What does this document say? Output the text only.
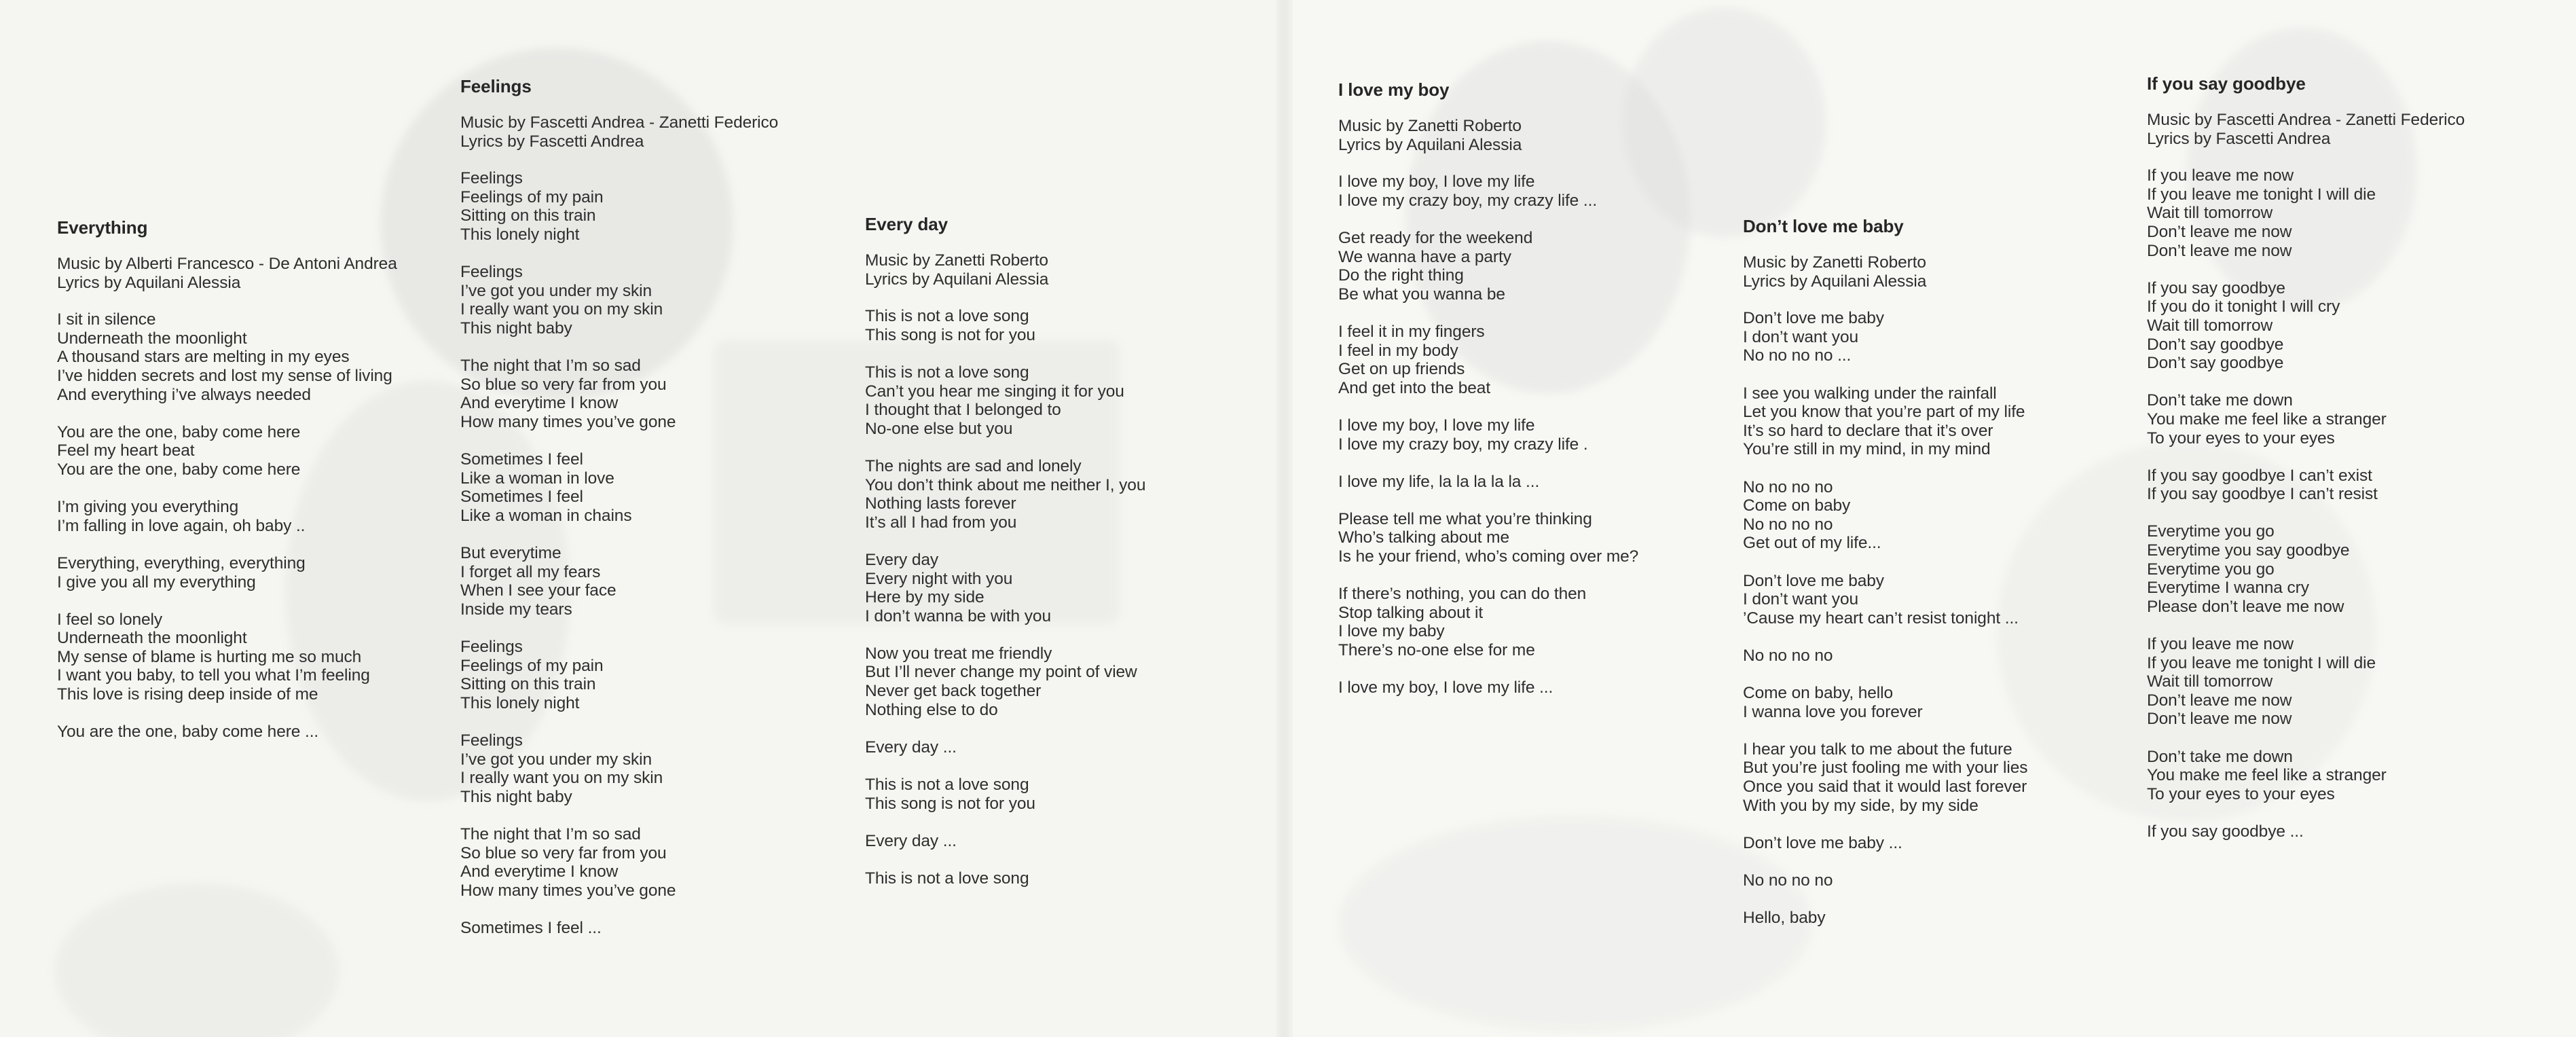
Everything
Music by Alberti Francesco - De Antoni Andrea
Lyrics by Aquilani Alessia
I sit in silence
Underneath the moonlight
A thousand stars are melting in my eyes
I’ve hidden secrets and lost my sense of living
And everything i’ve always needed
You are the one, baby come here
Feel my heart beat
You are the one, baby come here
I’m giving you everything
I’m falling in love again, oh baby ..
Everything, everything, everything
I give you all my everything
I feel so lonely
Underneath the moonlight
My sense of blame is hurting me so much
I want you baby, to tell you what I’m feeling
This love is rising deep inside of me
You are the one, baby come here ...
Feelings
Music by Fascetti Andrea - Zanetti Federico
Lyrics by Fascetti Andrea
Feelings
Feelings of my pain
Sitting on this train
This lonely night
Feelings
I’ve got you under my skin
I really want you on my skin
This night baby
The night that I’m so sad
So blue so very far from you
And everytime I know
How many times you’ve gone
Sometimes I feel
Like a woman in love
Sometimes I feel
Like a woman in chains
But everytime
I forget all my fears
When I see your face
Inside my tears
Feelings
Feelings of my pain
Sitting on this train
This lonely night
Feelings
I’ve got you under my skin
I really want you on my skin
This night baby
The night that I’m so sad
So blue so very far from you
And everytime I know
How many times you’ve gone
Sometimes I feel ...
Every day
Music by Zanetti Roberto
Lyrics by Aquilani Alessia
This is not a love song
This song is not for you
This is not a love song
Can’t you hear me singing it for you
I thought that I belonged to
No-one else but you
The nights are sad and lonely
You don’t think about me neither I, you
Nothing lasts forever
It’s all I had from you
Every day
Every night with you
Here by my side
I don’t wanna be with you
Now you treat me friendly
But I’ll never change my point of view
Never get back together
Nothing else to do
Every day ...
This is not a love song
This song is not for you
Every day ...
This is not a love song
I love my boy
Music by Zanetti Roberto
Lyrics by Aquilani Alessia
I love my boy, I love my life
I love my crazy boy, my crazy life ...
Get ready for the weekend
We wanna have a party
Do the right thing
Be what you wanna be
I feel it in my fingers
I feel in my body
Get on up friends
And get into the beat
I love my boy, I love my life
I love my crazy boy, my crazy life .
I love my life, la la la la la ...
Please tell me what you’re thinking
Who’s talking about me
Is he your friend, who’s coming over me?
If there’s nothing, you can do then
Stop talking about it
I love my baby
There’s no-one else for me
I love my boy, I love my life ...
Don’t love me baby
Music by Zanetti Roberto
Lyrics by Aquilani Alessia
Don’t love me baby
I don’t want you
No no no no ...
I see you walking under the rainfall
Let you know that you’re part of my life
It’s so hard to declare that it’s over
You’re still in my mind, in my mind
No no no no
Come on baby
No no no no
Get out of my life...
Don’t love me baby
I don’t want you
’Cause my heart can’t resist tonight ...
No no no no
Come on baby, hello
I wanna love you forever
I hear you talk to me about the future
But you’re just fooling me with your lies
Once you said that it would last forever
With you by my side, by my side
Don’t love me baby ...
No no no no
Hello, baby
If you say goodbye
Music by Fascetti Andrea - Zanetti Federico
Lyrics by Fascetti Andrea
If you leave me now
If you leave me tonight I will die
Wait till tomorrow
Don’t leave me now
Don’t leave me now
If you say goodbye
If you do it tonight I will cry
Wait till tomorrow
Don’t say goodbye
Don’t say goodbye
Don’t take me down
You make me feel like a stranger
To your eyes to your eyes
If you say goodbye I can’t exist
If you say goodbye I can’t resist
Everytime you go
Everytime you say goodbye
Everytime you go
Everytime I wanna cry
Please don’t leave me now
If you leave me now
If you leave me tonight I will die
Wait till tomorrow
Don’t leave me now
Don’t leave me now
Don’t take me down
You make me feel like a stranger
To your eyes to your eyes
If you say goodbye ...
